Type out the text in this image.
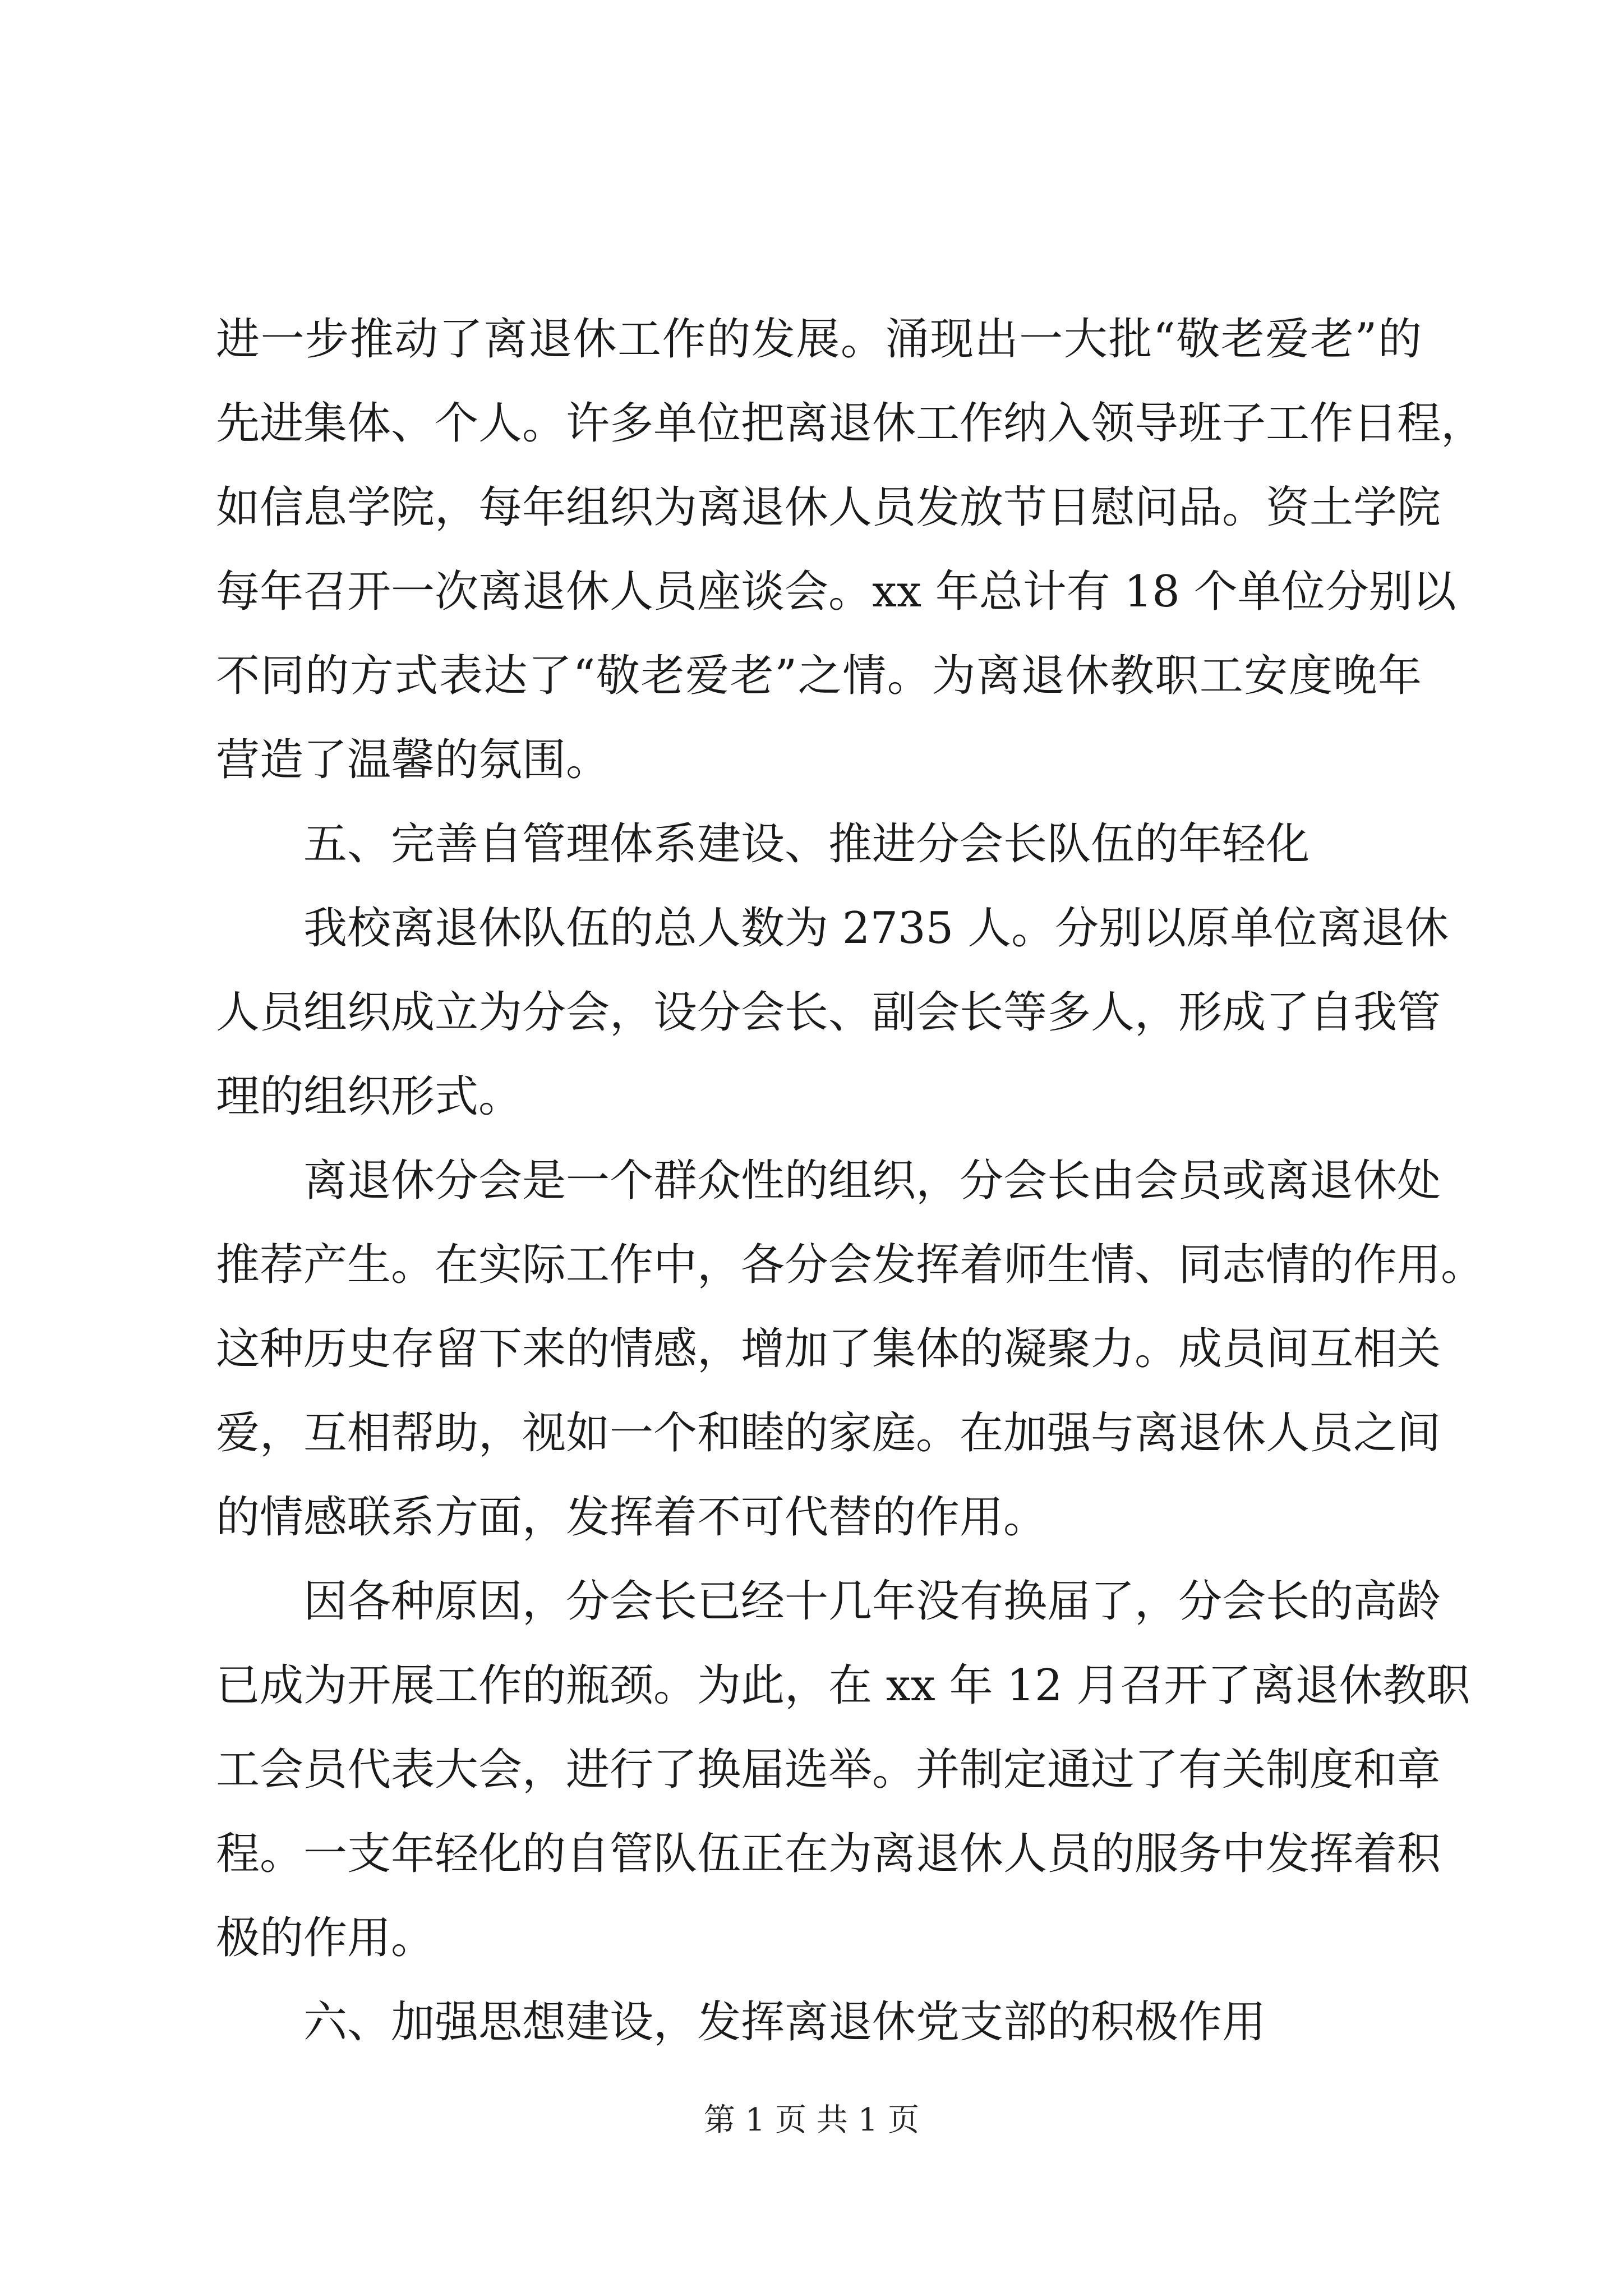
进一步推动了离退休工作的发展。涌现出一大批“敬老爱老”的
先进集体、个人。许多单位把离退休工作纳入领导班子工作日程，
如信息学院，每年组织为离退休人员发放节日慰问品。资土学院
每年召开一次离退休人员座谈会。xx 年总计有 18 个单位分别以
不同的方式表达了“敬老爱老”之情。为离退休教职工安度晚年
营造了温馨的氛围。
五、完善自管理体系建设、推进分会长队伍的年轻化
我校离退休队伍的总人数为 2735 人。分别以原单位离退休
人员组织成立为分会，设分会长、副会长等多人，形成了自我管
理的组织形式。
离退休分会是一个群众性的组织，分会长由会员或离退休处
推荐产生。在实际工作中，各分会发挥着师生情、同志情的作用。
这种历史存留下来的情感，增加了集体的凝聚力。成员间互相关
爱，互相帮助，视如一个和睦的家庭。在加强与离退休人员之间
的情感联系方面，发挥着不可代替的作用。
因各种原因，分会长已经十几年没有换届了，分会长的高龄
已成为开展工作的瓶颈。为此，在 xx 年 12 月召开了离退休教职
工会员代表大会，进行了换届选举。并制定通过了有关制度和章
程。一支年轻化的自管队伍正在为离退休人员的服务中发挥着积
极的作用。
六、加强思想建设，发挥离退休党支部的积极作用
第 1 页 共 1 页
